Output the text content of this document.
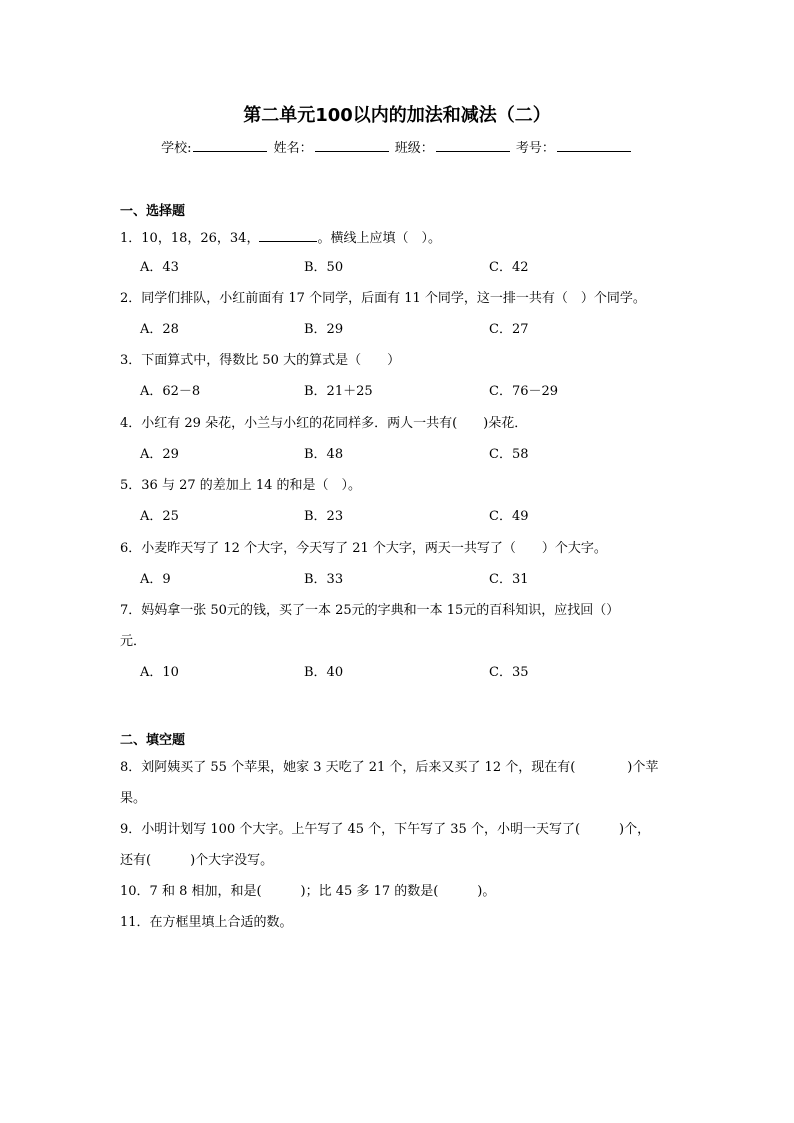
第二单元100以内的加法和减法（二）
学校:	姓名：	班级：	考号：

一、选择题

1．10，18，26，34，	。横线上应填（　）。

A．43	B．50	C．42

2．同学们排队，小红前面有 17 个同学，后面有 11 个同学，这一排一共有（　）个同学。

A．28	B．29	C．27

3．下面算式中，得数比 50 大的算式是（　　）

A．62－8	B．21＋25	C．76－29

4．小红有 29 朵花，小兰与小红的花同样多．两人一共有(　　)朵花．

A．29	B．48	C．58

5．36 与 27 的差加上 14 的和是（　）。

A．25	B．23	C．49

6．小麦昨天写了 12 个大字，今天写了 21 个大字，两天一共写了（　　）个大字。

A．9	B．33	C．31

7．妈妈拿一张 50元的钱，买了一本 25元的字典和一本 15元的百科知识，应找回（）

元．

A．10	B．40	C．35

二、填空题

8．刘阿姨买了 55 个苹果，她家 3 天吃了 21 个，后来又买了 12 个，现在有(　　　　)个苹

果。

9．小明计划写 100 个大字。上午写了 45 个，下午写了 35 个，小明一天写了(　　　)个，

还有(　　　)个大字没写。

10．7 和 8 相加，和是(　　　)；比 45 多 17 的数是(　　　)。

11．在方框里填上合适的数。
